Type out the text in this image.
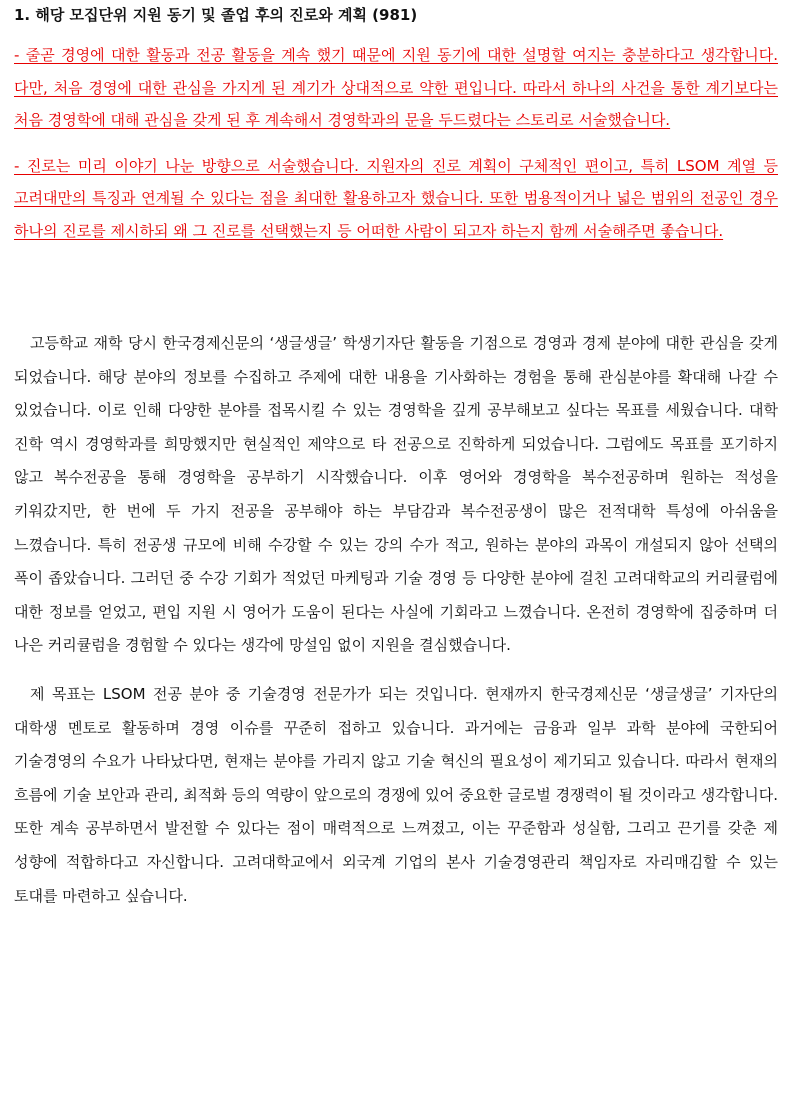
1. 해당 모집단위 지원 동기 및 졸업 후의 진로와 계획 (981)

- 줄곧 경영에 대한 활동과 전공 활동을 계속 했기 때문에 지원 동기에 대한 설명할 여지는 충분하다고 생각합니다. 다만, 처음 경영에 대한 관심을 가지게 된 계기가 상대적으로 약한 편입니다. 따라서 하나의 사건을 통한 계기보다는 처음 경영학에 대해 관심을 갖게 된 후 계속해서 경영학과의 문을 두드렸다는 스토리로 서술했습니다.

- 진로는 미리 이야기 나눈 방향으로 서술했습니다. 지원자의 진로 계획이 구체적인 편이고, 특히 LSOM 계열 등 고려대만의 특징과 연계될 수 있다는 점을 최대한 활용하고자 했습니다. 또한 범용적이거나 넓은 범위의 전공인 경우 하나의 진로를 제시하되 왜 그 진로를 선택했는지 등 어떠한 사람이 되고자 하는지 함께 서술해주면 좋습니다.

고등학교 재학 당시 한국경제신문의 ‘생글생글’ 학생기자단 활동을 기점으로 경영과 경제 분야에 대한 관심을 갖게 되었습니다. 해당 분야의 정보를 수집하고 주제에 대한 내용을 기사화하는 경험을 통해 관심분야를 확대해 나갈 수 있었습니다. 이로 인해 다양한 분야를 접목시킬 수 있는 경영학을 깊게 공부해보고 싶다는 목표를 세웠습니다. 대학 진학 역시 경영학과를 희망했지만 현실적인 제약으로 타 전공으로 진학하게 되었습니다. 그럼에도 목표를 포기하지 않고 복수전공을 통해 경영학을 공부하기 시작했습니다. 이후 영어와 경영학을 복수전공하며 원하는 적성을 키워갔지만, 한 번에 두 가지 전공을 공부해야 하는 부담감과 복수전공생이 많은 전적대학 특성에 아쉬움을 느꼈습니다. 특히 전공생 규모에 비해 수강할 수 있는 강의 수가 적고, 원하는 분야의 과목이 개설되지 않아 선택의 폭이 좁았습니다. 그러던 중 수강 기회가 적었던 마케팅과 기술 경영 등 다양한 분야에 걸친 고려대학교의 커리큘럼에 대한 정보를 얻었고, 편입 지원 시 영어가 도움이 된다는 사실에 기회라고 느꼈습니다. 온전히 경영학에 집중하며 더 나은 커리큘럼을 경험할 수 있다는 생각에 망설임 없이 지원을 결심했습니다.

제 목표는 LSOM 전공 분야 중 기술경영 전문가가 되는 것입니다. 현재까지 한국경제신문 ‘생글생글’ 기자단의 대학생 멘토로 활동하며 경영 이슈를 꾸준히 접하고 있습니다. 과거에는 금융과 일부 과학 분야에 국한되어 기술경영의 수요가 나타났다면, 현재는 분야를 가리지 않고 기술 혁신의 필요성이 제기되고 있습니다. 따라서 현재의 흐름에 기술 보안과 관리, 최적화 등의 역량이 앞으로의 경쟁에 있어 중요한 글로벌 경쟁력이 될 것이라고 생각합니다. 또한 계속 공부하면서 발전할 수 있다는 점이 매력적으로 느껴졌고, 이는 꾸준함과 성실함, 그리고 끈기를 갖춘 제 성향에 적합하다고 자신합니다. 고려대학교에서 외국계 기업의 본사 기술경영관리 책임자로 자리매김할 수 있는 토대를 마련하고 싶습니다.
